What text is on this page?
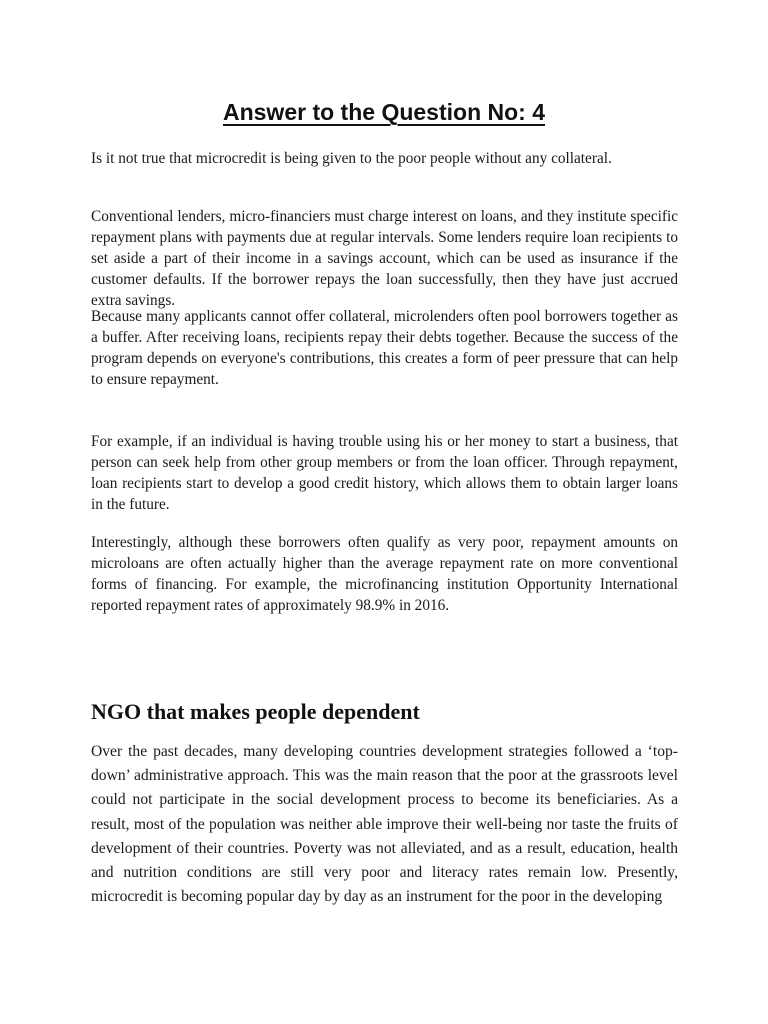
Answer to the Question No: 4

Is it not true that microcredit is being given to the poor people without any collateral.

Conventional lenders, micro-financiers must charge interest on loans, and they institute specific repayment plans with payments due at regular intervals. Some lenders require loan recipients to set aside a part of their income in a savings account, which can be used as insurance if the customer defaults. If the borrower repays the loan successfully, then they have just accrued extra savings.

Because many applicants cannot offer collateral, microlenders often pool borrowers together as a buffer. After receiving loans, recipients repay their debts together. Because the success of the program depends on everyone's contributions, this creates a form of peer pressure that can help to ensure repayment.

For example, if an individual is having trouble using his or her money to start a business, that person can seek help from other group members or from the loan officer. Through repayment, loan recipients start to develop a good credit history, which allows them to obtain larger loans in the future.

Interestingly, although these borrowers often qualify as very poor, repayment amounts on microloans are often actually higher than the average repayment rate on more conventional forms of financing. For example, the microfinancing institution Opportunity International reported repayment rates of approximately 98.9% in 2016.

NGO that makes people dependent

Over the past decades, many developing countries development strategies followed a ‘top-down’ administrative approach. This was the main reason that the poor at the grassroots level could not participate in the social development process to become its beneficiaries. As a result, most of the population was neither able improve their well-being nor taste the fruits of development of their countries. Poverty was not alleviated, and as a result, education, health and nutrition conditions are still very poor and literacy rates remain low. Presently, microcredit is becoming popular day by day as an instrument for the poor in the developing
